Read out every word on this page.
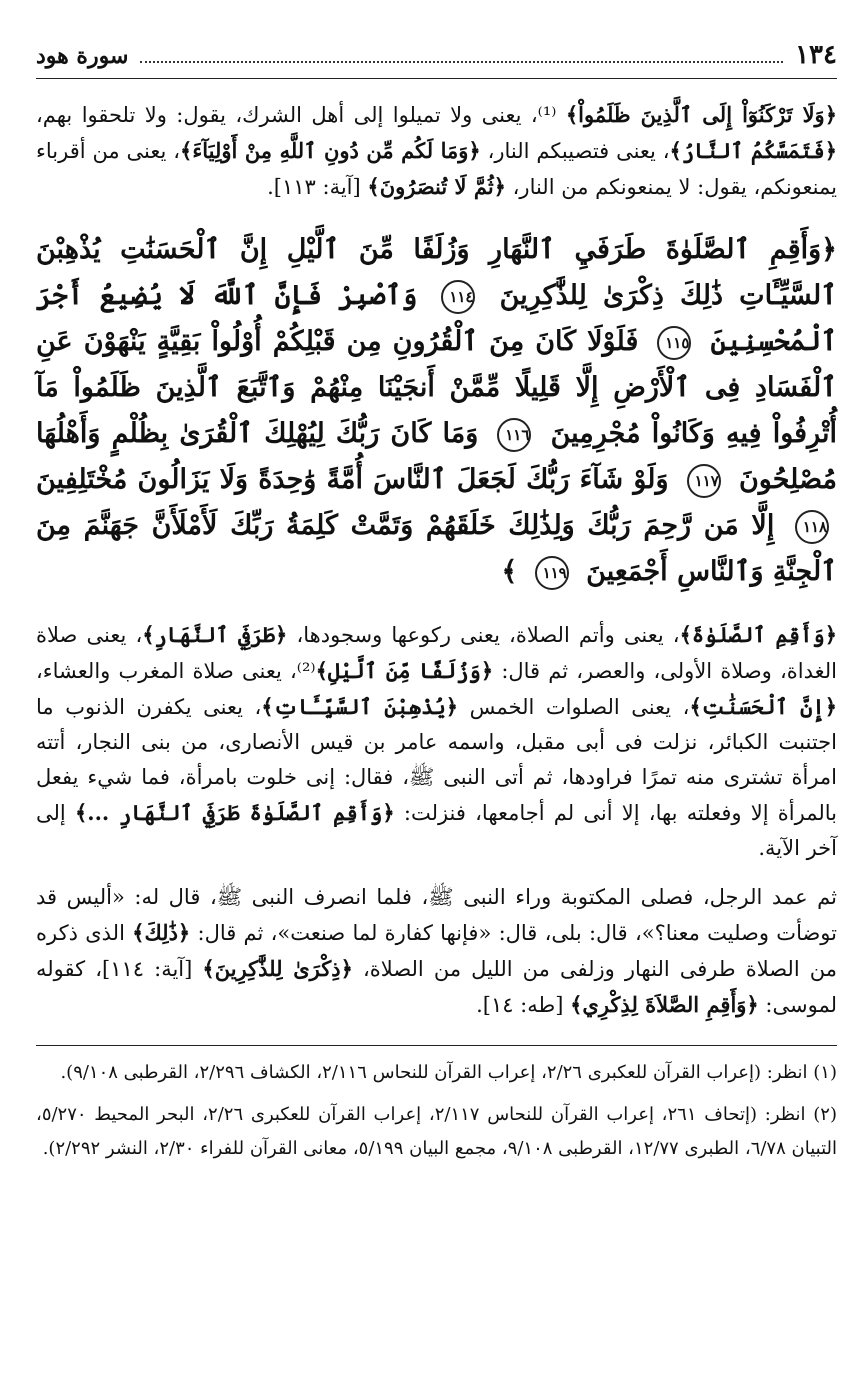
١٣٤
سورة هود

﴿وَلَا تَرْكَنُوٓاْ إِلَى ٱلَّذِينَ ظَلَمُواْ﴾ ⁽¹⁾، يعنى ولا تميلوا إلى أهل الشرك، يقول: ولا تلحقوا بهم، ﴿فَتَمَسَّكُمُ ٱلنَّارُ﴾، يعنى فتصيبكم النار، ﴿وَمَا لَكُم مِّن دُونِ ٱللَّهِ مِنْ أَوْلِيَآءَ﴾، يعنى من أقرباء يمنعونكم، يقول: لا يمنعونكم من النار، ﴿ثُمَّ لَا تُنصَرُونَ﴾ [آية: ١١٣].

﴿وَأَقِمِ ٱلصَّلَوٰةَ طَرَفَيِ ٱلنَّهَارِ وَزُلَفًا مِّنَ ٱلَّيْلِ إِنَّ ٱلْحَسَنَٰتِ يُذْهِبْنَ ٱلسَّيِّـَٔاتِ ذَٰلِكَ ذِكْرَىٰ لِلذَّٰكِرِينَ ١١٤ وَٱصْبِرْ فَإِنَّ ٱللَّهَ لَا يُضِيعُ أَجْرَ ٱلْمُحْسِنِينَ ١١٥ فَلَوْلَا كَانَ مِنَ ٱلْقُرُونِ مِن قَبْلِكُمْ أُوْلُواْ بَقِيَّةٍ يَنْهَوْنَ عَنِ ٱلْفَسَادِ فِى ٱلْأَرْضِ إِلَّا قَلِيلًا مِّمَّنْ أَنجَيْنَا مِنْهُمْ وَٱتَّبَعَ ٱلَّذِينَ ظَلَمُواْ مَآ أُتْرِفُواْ فِيهِ وَكَانُواْ مُجْرِمِينَ ١١٦ وَمَا كَانَ رَبُّكَ لِيُهْلِكَ ٱلْقُرَىٰ بِظُلْمٍ وَأَهْلُهَا مُصْلِحُونَ ١١٧ وَلَوْ شَآءَ رَبُّكَ لَجَعَلَ ٱلنَّاسَ أُمَّةً وَٰحِدَةً وَلَا يَزَالُونَ مُخْتَلِفِينَ ١١٨ إِلَّا مَن رَّحِمَ رَبُّكَ وَلِذَٰلِكَ خَلَقَهُمْ وَتَمَّتْ كَلِمَةُ رَبِّكَ لَأَمْلَأَنَّ جَهَنَّمَ مِنَ ٱلْجِنَّةِ وَٱلنَّاسِ أَجْمَعِينَ ١١٩ ﴾

﴿وَأَقِمِ ٱلصَّلَوٰةَ﴾، يعنى وأتم الصلاة، يعنى ركوعها وسجودها، ﴿طَرَفَيِ ٱلنَّهَارِ﴾، يعنى صلاة الغداة، وصلاة الأولى، والعصر، ثم قال: ﴿وَزُلَفًا مِّنَ ٱلَّيْلِ﴾⁽²⁾، يعنى صلاة المغرب والعشاء، ﴿إِنَّ ٱلْحَسَنَٰتِ﴾، يعنى الصلوات الخمس ﴿يُذْهِبْنَ ٱلسَّيِّـَٔاتِ﴾، يعنى يكفرن الذنوب ما اجتنبت الكبائر، نزلت فى أبى مقبل، واسمه عامر بن قيس الأنصارى، من بنى النجار، أتته امرأة تشترى منه تمرًا فراودها، ثم أتى النبى ﷺ، فقال: إنى خلوت بامرأة، فما شيء يفعل بالمرأة إلا وفعلته بها، إلا أنى لم أجامعها، فنزلت: ﴿وَأَقِمِ ٱلصَّلَوٰةَ طَرَفَيِ ٱلنَّهَارِ ...﴾ إلى آخر الآية.

ثم عمد الرجل، فصلى المكتوبة وراء النبى ﷺ، فلما انصرف النبى ﷺ، قال له: «أليس قد توضأت وصليت معنا؟»، قال: بلى، قال: «فإنها كفارة لما صنعت»، ثم قال: ﴿ذَٰلِكَ﴾ الذى ذكره من الصلاة طرفى النهار وزلفى من الليل من الصلاة، ﴿ذِكْرَىٰ لِلذَّٰكِرِينَ﴾ [آية: ١١٤]، كقوله لموسى: ﴿وَأَقِمِ الصَّلاَةَ لِذِكْرِي﴾ [طه: ١٤].

(١) انظر: (إعراب القرآن للعكبرى ٢/٢٦، إعراب القرآن للنحاس ٢/١١٦، الكشاف ٢/٢٩٦، القرطبى ٩/١٠٨).

(٢) انظر: (إتحاف ٢٦١، إعراب القرآن للنحاس ٢/١١٧، إعراب القرآن للعكبرى ٢/٢٦، البحر المحيط ٥/٢٧٠، التبيان ٦/٧٨، الطبرى ١٢/٧٧، القرطبى ٩/١٠٨، مجمع البيان ٥/١٩٩، معانى القرآن للفراء ٢/٣٠، النشر ٢/٢٩٢).
